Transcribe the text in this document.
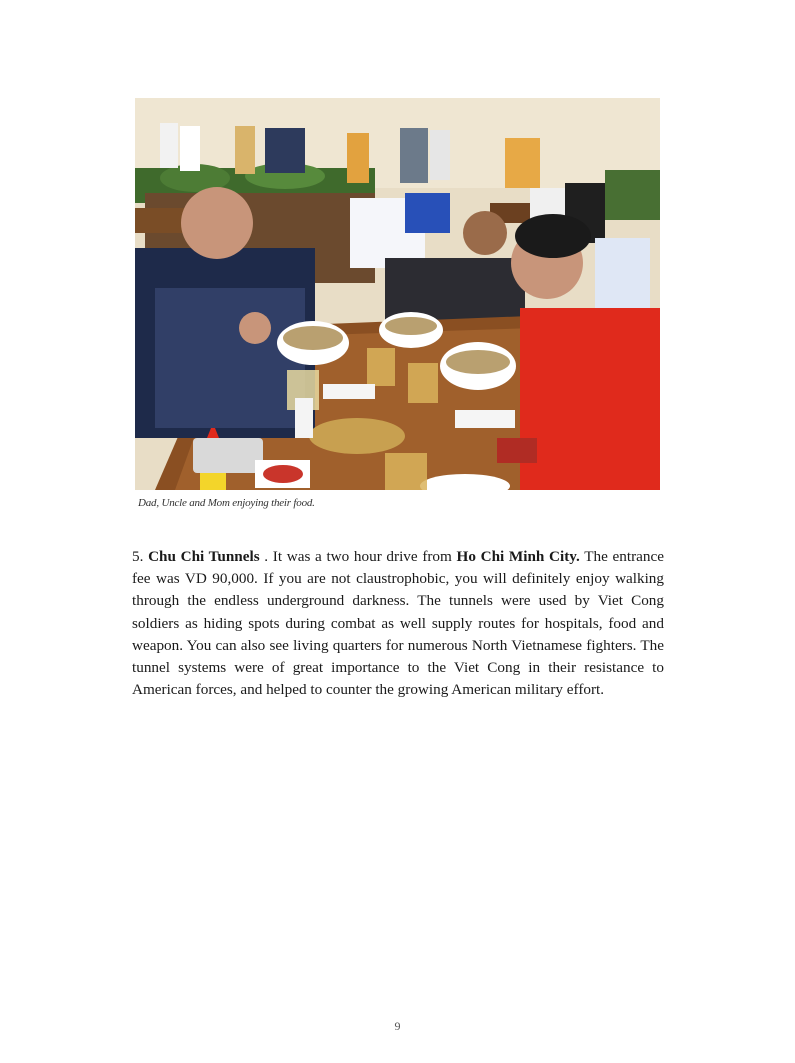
Dad, Uncle and Mom enjoying their food.

5. Chu Chi Tunnels . It was a two hour drive from Ho Chi Minh City. The entrance fee was VD 90,000. If you are not claustrophobic, you will definitely enjoy walking through the endless underground darkness. The tunnels were used by Viet Cong soldiers as hiding spots during combat as well supply routes for hospitals, food and weapon. You can also see living quarters for numerous North Vietnamese fighters. The tunnel systems were of great importance to the Viet Cong in their resistance to American forces, and helped to counter the growing American military effort.

9
